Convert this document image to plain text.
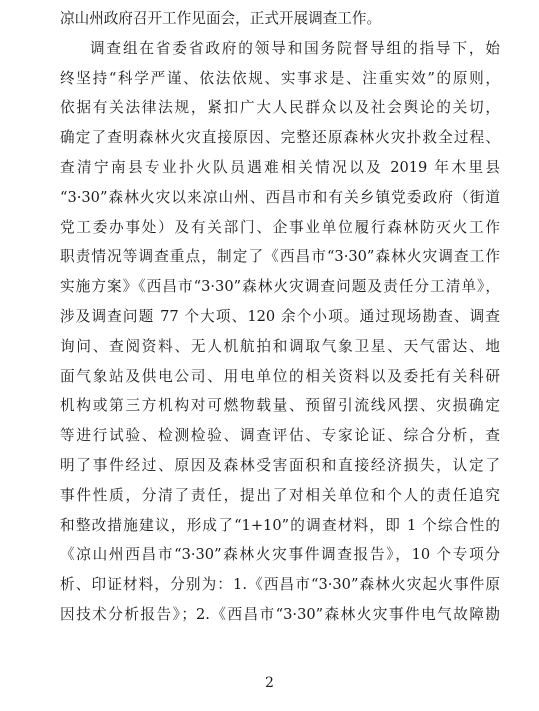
凉山州政府召开工作见面会，正式开展调查工作。
调查组在省委省政府的领导和国务院督导组的指导下，始
终坚持“科学严谨、依法依规、实事求是、注重实效”的原则，
依据有关法律法规，紧扣广大人民群众以及社会舆论的关切，
确定了查明森林火灾直接原因、完整还原森林火灾扑救全过程、
查清宁南县专业扑火队员遇难相关情况以及 2019 年木里县
“3·30”森林火灾以来凉山州、西昌市和有关乡镇党委政府（街道
党工委办事处）及有关部门、企事业单位履行森林防灭火工作
职责情况等调查重点，制定了《西昌市“3·30”森林火灾调查工作
实施方案》《西昌市“3·30”森林火灾调查问题及责任分工清单》，
涉及调查问题 77 个大项、120 余个小项。通过现场勘查、调查
询问、查阅资料、无人机航拍和调取气象卫星、天气雷达、地
面气象站及供电公司、用电单位的相关资料以及委托有关科研
机构或第三方机构对可燃物载量、预留引流线风摆、灾损确定
等进行试验、检测检验、调查评估、专家论证、综合分析，查
明了事件经过、原因及森林受害面积和直接经济损失，认定了
事件性质，分清了责任，提出了对相关单位和个人的责任追究
和整改措施建议，形成了“1+10”的调查材料，即 1 个综合性的
《凉山州西昌市“3·30”森林火灾事件调查报告》，10 个专项分
析、印证材料，分别为：1.《西昌市“3·30”森林火灾起火事件原
因技术分析报告》；2.《西昌市“3·30”森林火灾事件电气故障勘
2
